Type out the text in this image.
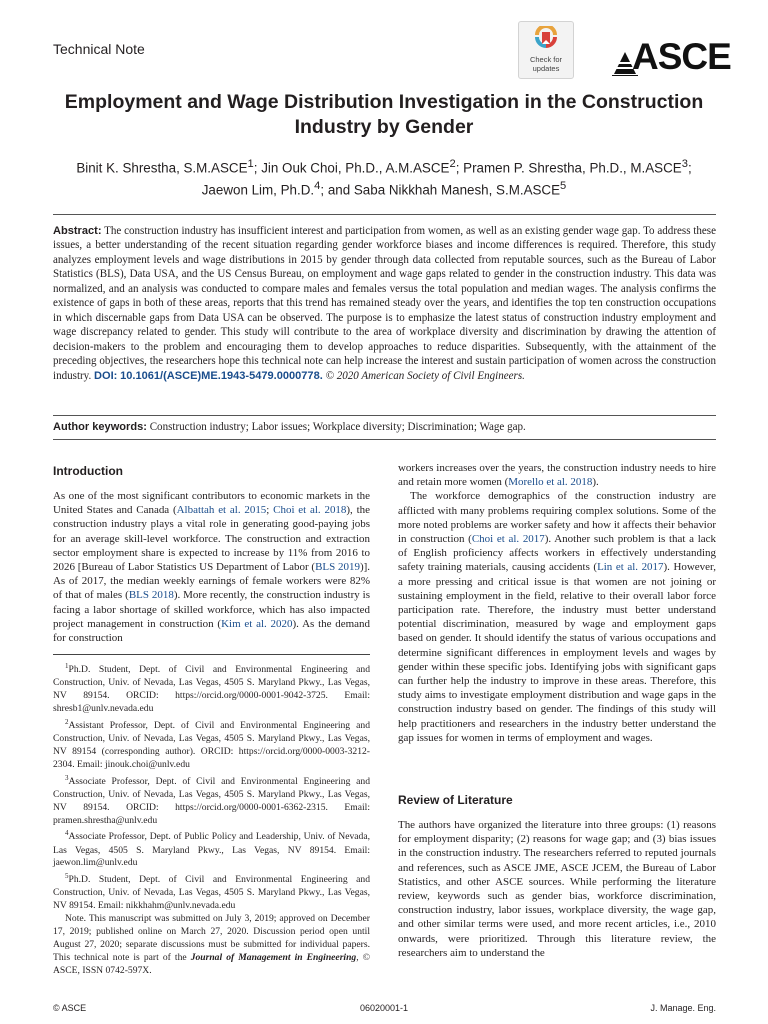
Technical Note
Check for updates	ASCE
Employment and Wage Distribution Investigation in the Construction Industry by Gender
Binit K. Shrestha, S.M.ASCE$^1$; Jin Ouk Choi, Ph.D., A.M.ASCE$^2$; Pramen P. Shrestha, Ph.D., M.ASCE$^3$;
Jaewon Lim, Ph.D.$^4$; and Saba Nikkhah Manesh, S.M.ASCE$^5$
Abstract: The construction industry has insufficient interest and participation from women, as well as an existing gender wage gap. To address these issues, a better understanding of the recent situation regarding gender workforce biases and income differences is required. Therefore, this study analyzes employment levels and wage distributions in 2015 by gender through data collected from reputable sources, such as the Bureau of Labor Statistics (BLS), Data USA, and the US Census Bureau, on employment and wage gaps related to gender in the construction industry. This data was normalized, and an analysis was conducted to compare males and females versus the total population and median wages. The analysis confirms the existence of gaps in both of these areas, reports that this trend has remained steady over the years, and identifies the top ten construction occupations in which discernable gaps from Data USA can be observed. The purpose is to emphasize the latest status of construction industry employment and wage discrepancy related to gender. This study will contribute to the area of workplace diversity and discrimination by drawing the attention of decision-makers to the problem and encouraging them to develop approaches to reduce disparities. Subsequently, with the attainment of the preceding objectives, the researchers hope this technical note can help increase the interest and sustain participation of women across the construction industry. DOI: 10.1061/(ASCE)ME.1943-5479.0000778. © 2020 American Society of Civil Engineers.
Author keywords: Construction industry; Labor issues; Workplace diversity; Discrimination; Wage gap.
Introduction

As one of the most significant contributors to economic markets in the United States and Canada (Albattah et al. 2015; Choi et al. 2018), the construction industry plays a vital role in generating good-paying jobs for an average skill-level workforce. The construction and extraction sector employment share is expected to increase by 11% from 2016 to 2026 [Bureau of Labor Statistics US Department of Labor (BLS 2019)]. As of 2017, the median weekly earnings of female workers were 82% of that of males (BLS 2018). More recently, the construction industry is facing a labor shortage of skilled workforce, which has also impacted project management in construction (Kim et al. 2020). As the demand for construction

$^1$Ph.D. Student, Dept. of Civil and Environmental Engineering and Construction, Univ. of Nevada, Las Vegas, 4505 S. Maryland Pkwy., Las Vegas, NV 89154. ORCID: https://orcid.org/0000-0001-9042-3725. Email: shresb1@unlv.nevada.edu

$^2$Assistant Professor, Dept. of Civil and Environmental Engineering and Construction, Univ. of Nevada, Las Vegas, 4505 S. Maryland Pkwy., Las Vegas, NV 89154 (corresponding author). ORCID: https://orcid.org/0000-0003-3212-2304. Email: jinouk.choi@unlv.edu

$^3$Associate Professor, Dept. of Civil and Environmental Engineering and Construction, Univ. of Nevada, Las Vegas, 4505 S. Maryland Pkwy., Las Vegas, NV 89154. ORCID: https://orcid.org/0000-0001-6362-2315. Email: pramen.shrestha@unlv.edu

$^4$Associate Professor, Dept. of Public Policy and Leadership, Univ. of Nevada, Las Vegas, 4505 S. Maryland Pkwy., Las Vegas, NV 89154. Email: jaewon.lim@unlv.edu

$^5$Ph.D. Student, Dept. of Civil and Environmental Engineering and Construction, Univ. of Nevada, Las Vegas, 4505 S. Maryland Pkwy., Las Vegas, NV 89154. Email: nikkhahm@unlv.nevada.edu

Note. This manuscript was submitted on July 3, 2019; approved on December 17, 2019; published online on March 27, 2020. Discussion period open until August 27, 2020; separate discussions must be submitted for individual papers. This technical note is part of the Journal of Management in Engineering, © ASCE, ISSN 0742-597X.

workers increases over the years, the construction industry needs to hire and retain more women (Morello et al. 2018).

The workforce demographics of the construction industry are afflicted with many problems requiring complex solutions. Some of the more noted problems are worker safety and how it affects their behavior in construction (Choi et al. 2017). Another such problem is that a lack of English proficiency affects workers in effectively understanding safety training materials, causing accidents (Lin et al. 2017). However, a more pressing and critical issue is that women are not joining or sustaining employment in the field, relative to their overall labor force participation rate. Therefore, the industry must better understand potential discrimination, measured by wage and employment gaps based on gender. It should identify the status of various occupations and determine significant differences in employment levels and wages by gender within these specific jobs. Identifying jobs with significant gaps can further help the industry to improve in these areas. Therefore, this study aims to investigate employment distribution and wage gaps in the construction industry based on gender. The findings of this study will help practitioners and researchers in the industry better understand the gap issues for women in terms of employment and wages.

Review of Literature

The authors have organized the literature into three groups: (1) reasons for employment disparity; (2) reasons for wage gap; and (3) bias issues in the construction industry. The researchers referred to reputed journals and references, such as ASCE JME, ASCE JCEM, the Bureau of Labor Statistics, and other ASCE sources. While performing the literature review, keywords such as gender bias, workforce discrimination, construction industry, labor issues, workplace diversity, the wage gap, and other similar terms were used, and more recent articles, i.e., 2010 onwards, were prioritized. Through this literature review, the researchers aim to understand the

© ASCE	06020001-1	J. Manage. Eng.
